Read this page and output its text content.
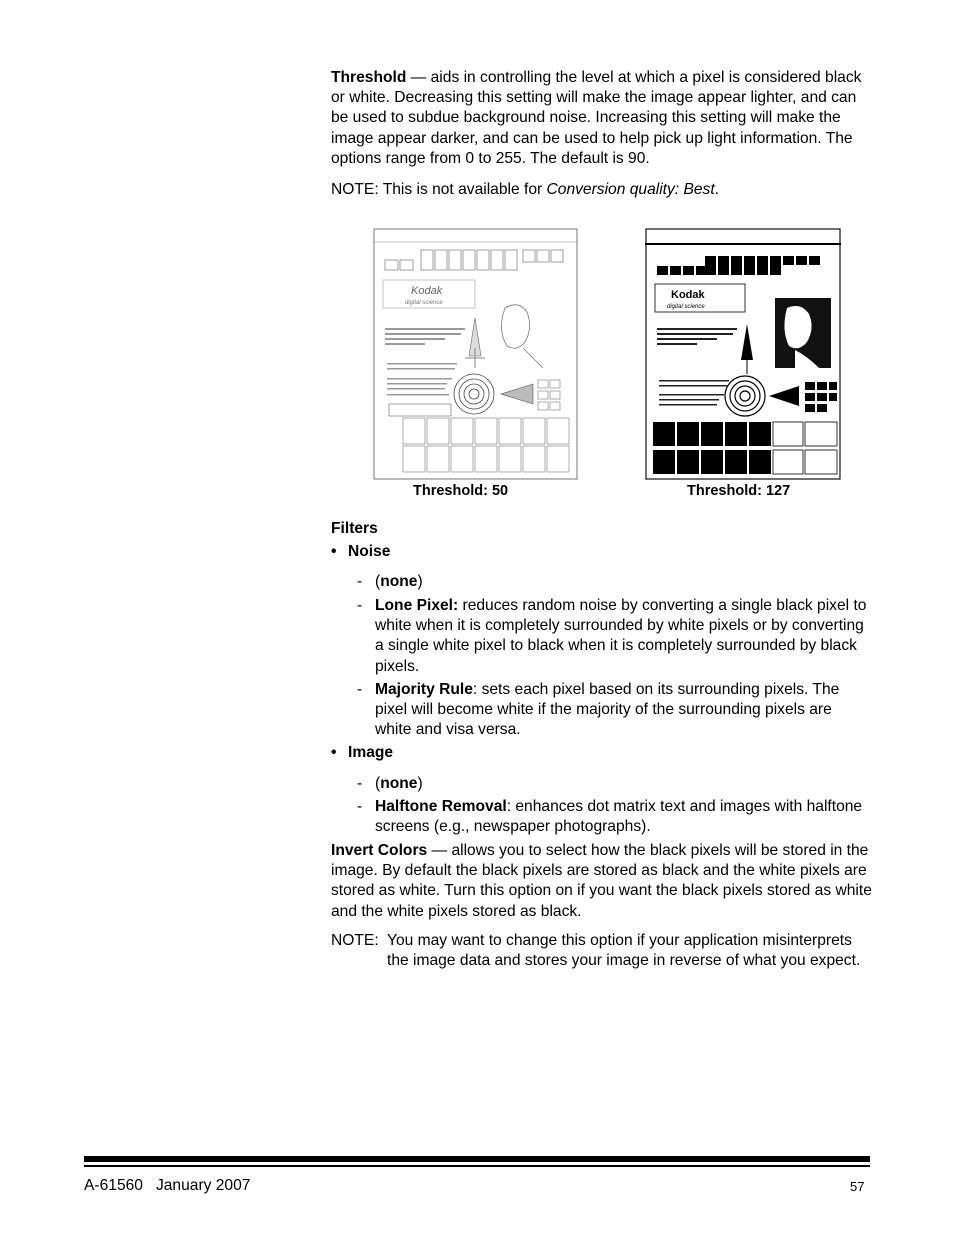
Threshold — aids in controlling the level at which a pixel is considered black or white. Decreasing this setting will make the image appear lighter, and can be used to subdue background noise. Increasing this setting will make the image appear darker, and can be used to help pick up light information. The options range from 0 to 255. The default is 90.

NOTE: This is not available for Conversion quality: Best.

Kodak
digital science
Kodak
digital science
Threshold: 50	Threshold: 127

Filters

• Noise
- (none)
- Lone Pixel: reduces random noise by converting a single black pixel to white when it is completely surrounded by white pixels or by converting a single white pixel to black when it is completely surrounded by black pixels.
- Majority Rule: sets each pixel based on its surrounding pixels. The pixel will become white if the majority of the surrounding pixels are white and visa versa.
• Image
- (none)
- Halftone Removal: enhances dot matrix text and images with halftone screens (e.g., newspaper photographs).

Invert Colors — allows you to select how the black pixels will be stored in the image. By default the black pixels are stored as black and the white pixels are stored as white. Turn this option on if you want the black pixels stored as white and the white pixels stored as black.

NOTE: You may want to change this option if your application misinterprets the image data and stores your image in reverse of what you expect.
A-61560   January 2007	57
